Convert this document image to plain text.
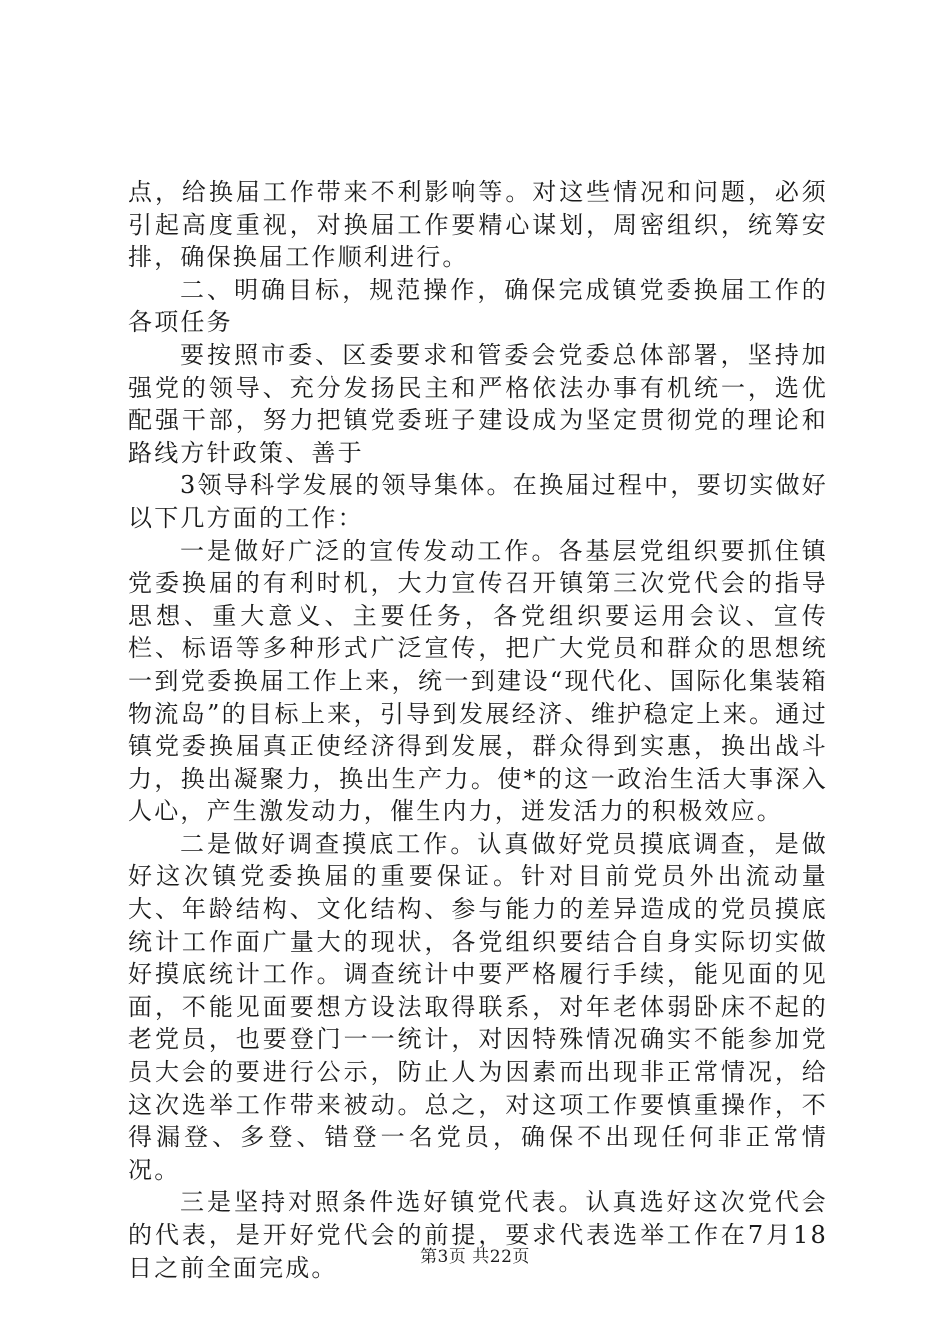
点，给换届工作带来不利影响等。对这些情况和问题，必须引起高度重视，对换届工作要精心谋划，周密组织，统筹安排，确保换届工作顺利进行。

二、明确目标，规范操作，确保完成镇党委换届工作的各项任务

要按照市委、区委要求和管委会党委总体部署，坚持加强党的领导、充分发扬民主和严格依法办事有机统一，选优配强干部，努力把镇党委班子建设成为坚定贯彻党的理论和路线方针政策、善于

3领导科学发展的领导集体。在换届过程中，要切实做好以下几方面的工作：

一是做好广泛的宣传发动工作。各基层党组织要抓住镇党委换届的有利时机，大力宣传召开镇第三次党代会的指导思想、重大意义、主要任务，各党组织要运用会议、宣传栏、标语等多种形式广泛宣传，把广大党员和群众的思想统一到党委换届工作上来，统一到建设“现代化、国际化集装箱物流岛”的目标上来，引导到发展经济、维护稳定上来。通过镇党委换届真正使经济得到发展，群众得到实惠，换出战斗力，换出凝聚力，换出生产力。使*的这一政治生活大事深入人心，产生激发动力，催生内力，迸发活力的积极效应。

二是做好调查摸底工作。认真做好党员摸底调查，是做好这次镇党委换届的重要保证。针对目前党员外出流动量大、年龄结构、文化结构、参与能力的差异造成的党员摸底统计工作面广量大的现状，各党组织要结合自身实际切实做好摸底统计工作。调查统计中要严格履行手续，能见面的见面，不能见面要想方设法取得联系，对年老体弱卧床不起的老党员，也要登门一一统计，对因特殊情况确实不能参加党员大会的要进行公示，防止人为因素而出现非正常情况，给这次选举工作带来被动。总之，对这项工作要慎重操作，不得漏登、多登、错登一名党员，确保不出现任何非正常情况。

三是坚持对照条件选好镇党代表。认真选好这次党代会的代表，是开好党代会的前提，要求代表选举工作在7月18日之前全面完成。	第3页 共22页
